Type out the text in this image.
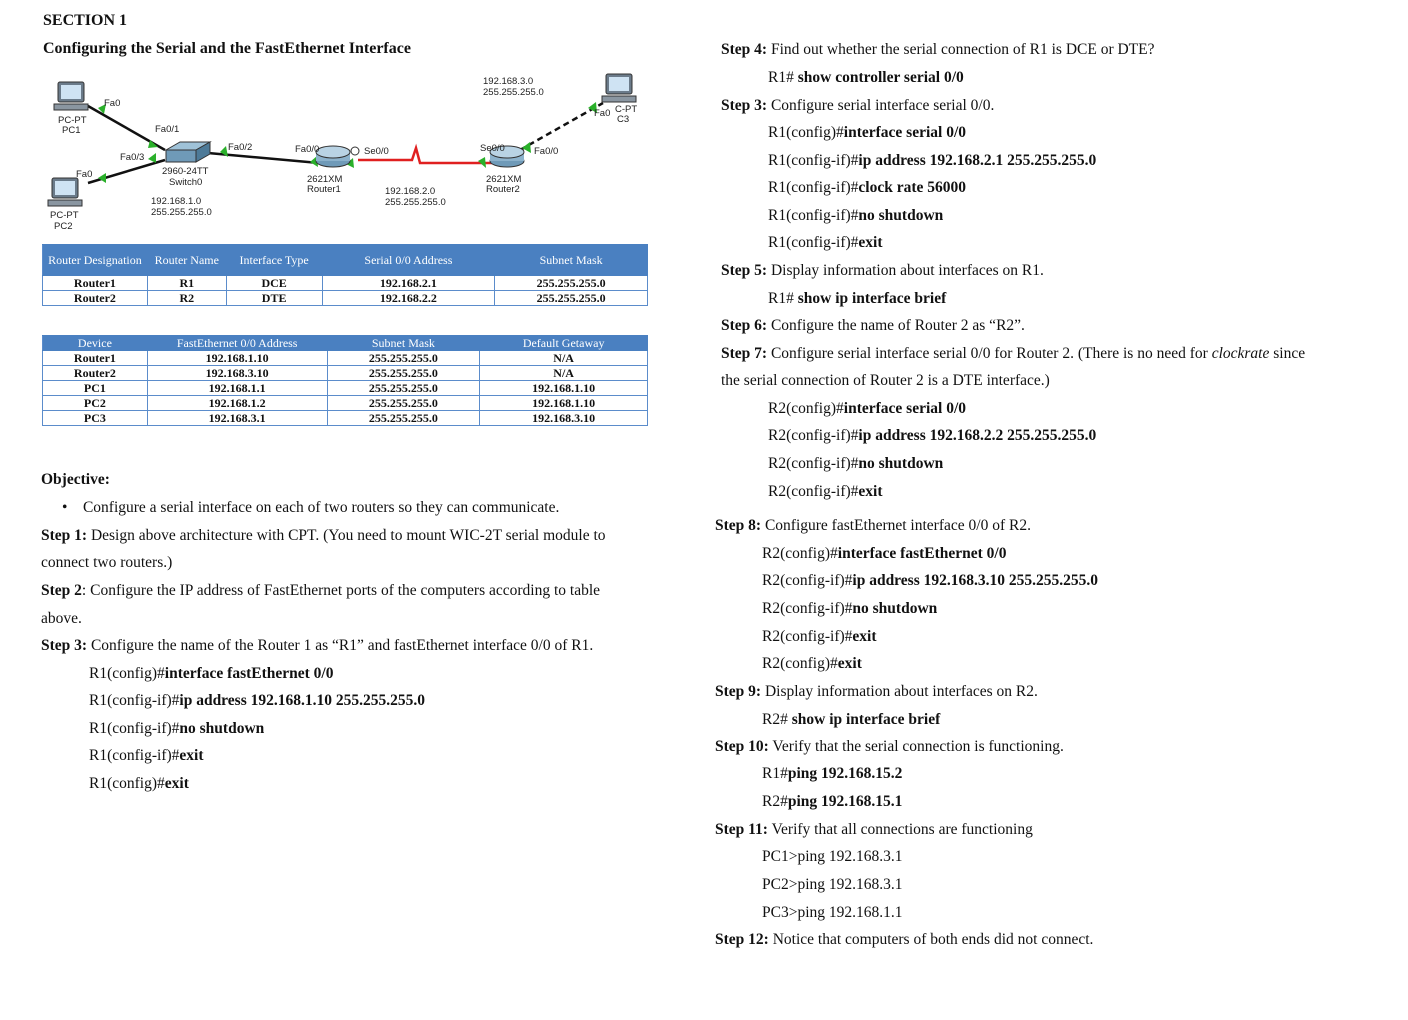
SECTION 1
Configuring the Serial and the FastEthernet Interface
Fa0
PC-PT
PC1
Fa0
PC-PT
PC2
Fa0/1
Fa0/3
Fa0/2
2960-24TT
Switch0
192.168.1.0
255.255.255.0
Fa0/0	Se0/0
2621XM
Router1	192.168.2.0
255.255.255.0
Se0/0	Fa0/0
2621XM
Router2
192.168.3.0
255.255.255.0
Fa0 C-PT
C3
Router Designation	Router Name	Interface Type	Serial 0/0 Address	Subnet Mask
Router1	R1	DCE	192.168.2.1	255.255.255.0
Router2	R2	DTE	192.168.2.2	255.255.255.0
Device	FastEthernet 0/0 Address	Subnet Mask	Default Getaway
Router1	192.168.1.10	255.255.255.0	N/A
Router2	192.168.3.10	255.255.255.0	N/A
PC1	192.168.1.1	255.255.255.0	192.168.1.10
PC2	192.168.1.2	255.255.255.0	192.168.1.10
PC3	192.168.3.1	255.255.255.0	192.168.3.10
Objective:
•    Configure a serial interface on each of two routers so they can communicate.
Step 1: Design above architecture with CPT. (You need to mount WIC-2T serial module to
connect two routers.)
Step 2: Configure the IP address of FastEthernet ports of the computers according to table
above.
Step 3: Configure the name of the Router 1 as “R1” and fastEthernet interface 0/0 of R1.
R1(config)#interface fastEthernet 0/0
R1(config-if)#ip address 192.168.1.10 255.255.255.0
R1(config-if)#no shutdown
R1(config-if)#exit
R1(config)#exit
Step 4: Find out whether the serial connection of R1 is DCE or DTE?
R1# show controller serial 0/0
Step 3: Configure serial interface serial 0/0.
R1(config)#interface serial 0/0
R1(config-if)#ip address 192.168.2.1 255.255.255.0
R1(config-if)#clock rate 56000
R1(config-if)#no shutdown
R1(config-if)#exit
Step 5: Display information about interfaces on R1.
R1# show ip interface brief
Step 6: Configure the name of Router 2 as “R2”.
Step 7: Configure serial interface serial 0/0 for Router 2. (There is no need for clockrate since
the serial connection of Router 2 is a DTE interface.)
R2(config)#interface serial 0/0
R2(config-if)#ip address 192.168.2.2 255.255.255.0
R2(config-if)#no shutdown
R2(config-if)#exit
Step 8: Configure fastEthernet interface 0/0 of R2.
R2(config)#interface fastEthernet 0/0
R2(config-if)#ip address 192.168.3.10 255.255.255.0
R2(config-if)#no shutdown
R2(config-if)#exit
R2(config)#exit
Step 9: Display information about interfaces on R2.
R2# show ip interface brief
Step 10: Verify that the serial connection is functioning.
R1#ping 192.168.15.2
R2#ping 192.168.15.1
Step 11: Verify that all connections are functioning
PC1>ping 192.168.3.1
PC2>ping 192.168.3.1
PC3>ping 192.168.1.1
Step 12: Notice that computers of both ends did not connect.
